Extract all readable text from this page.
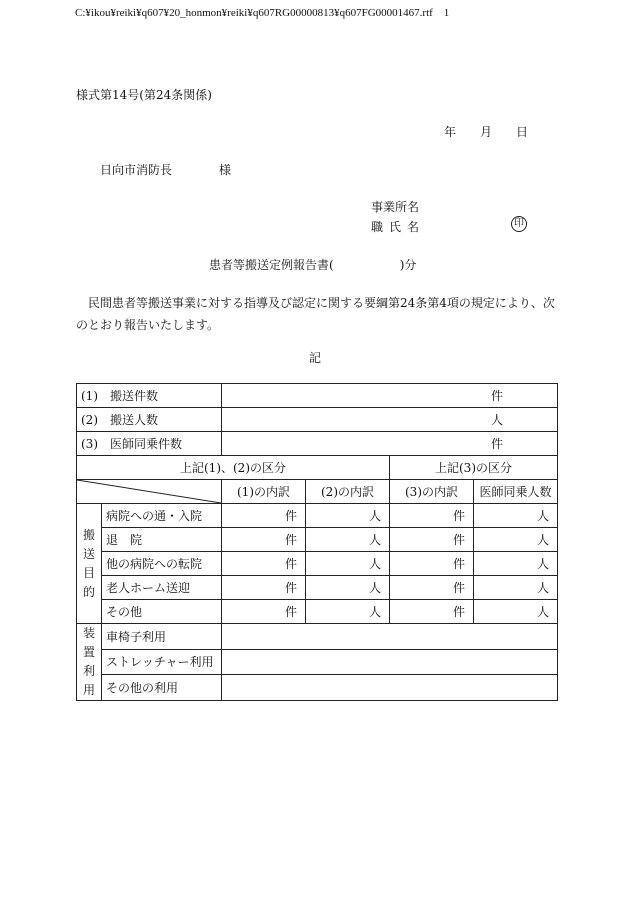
C:¥ikou¥reiki¥q607¥20_honmon¥reiki¥q607RG00000813¥q607FG00001467.rtf　1
様式第14号(第24条関係)
年 月 日
日向市消防長	様
事業所名
職氏名	印
患者等搬送定例報告書(	)分
民間患者等搬送事業に対する指導及び認定に関する要綱第24条第4項の規定により、次のとおり報告いたします。
記
(1)　 搬送件数		件			
(2)　 搬送人数		人			
(3)　 医師同乗件数		件			
上記(1)、(2)の区分				上記(3)の区分	

	(1)の内訳	(2)の内訳	(3)の内訳	医師同乗人数

搬
送
目
的	病院への通・入院	件	人	件	人
	退　院	件	人	件	人
	他の病院への転院	件	人	件	人
	老人ホーム送迎	件	人	件	人
	その他	件	人	件	人

装
置
利
用	車椅子利用				
	ストレッチャー利用				
	その他の利用				
